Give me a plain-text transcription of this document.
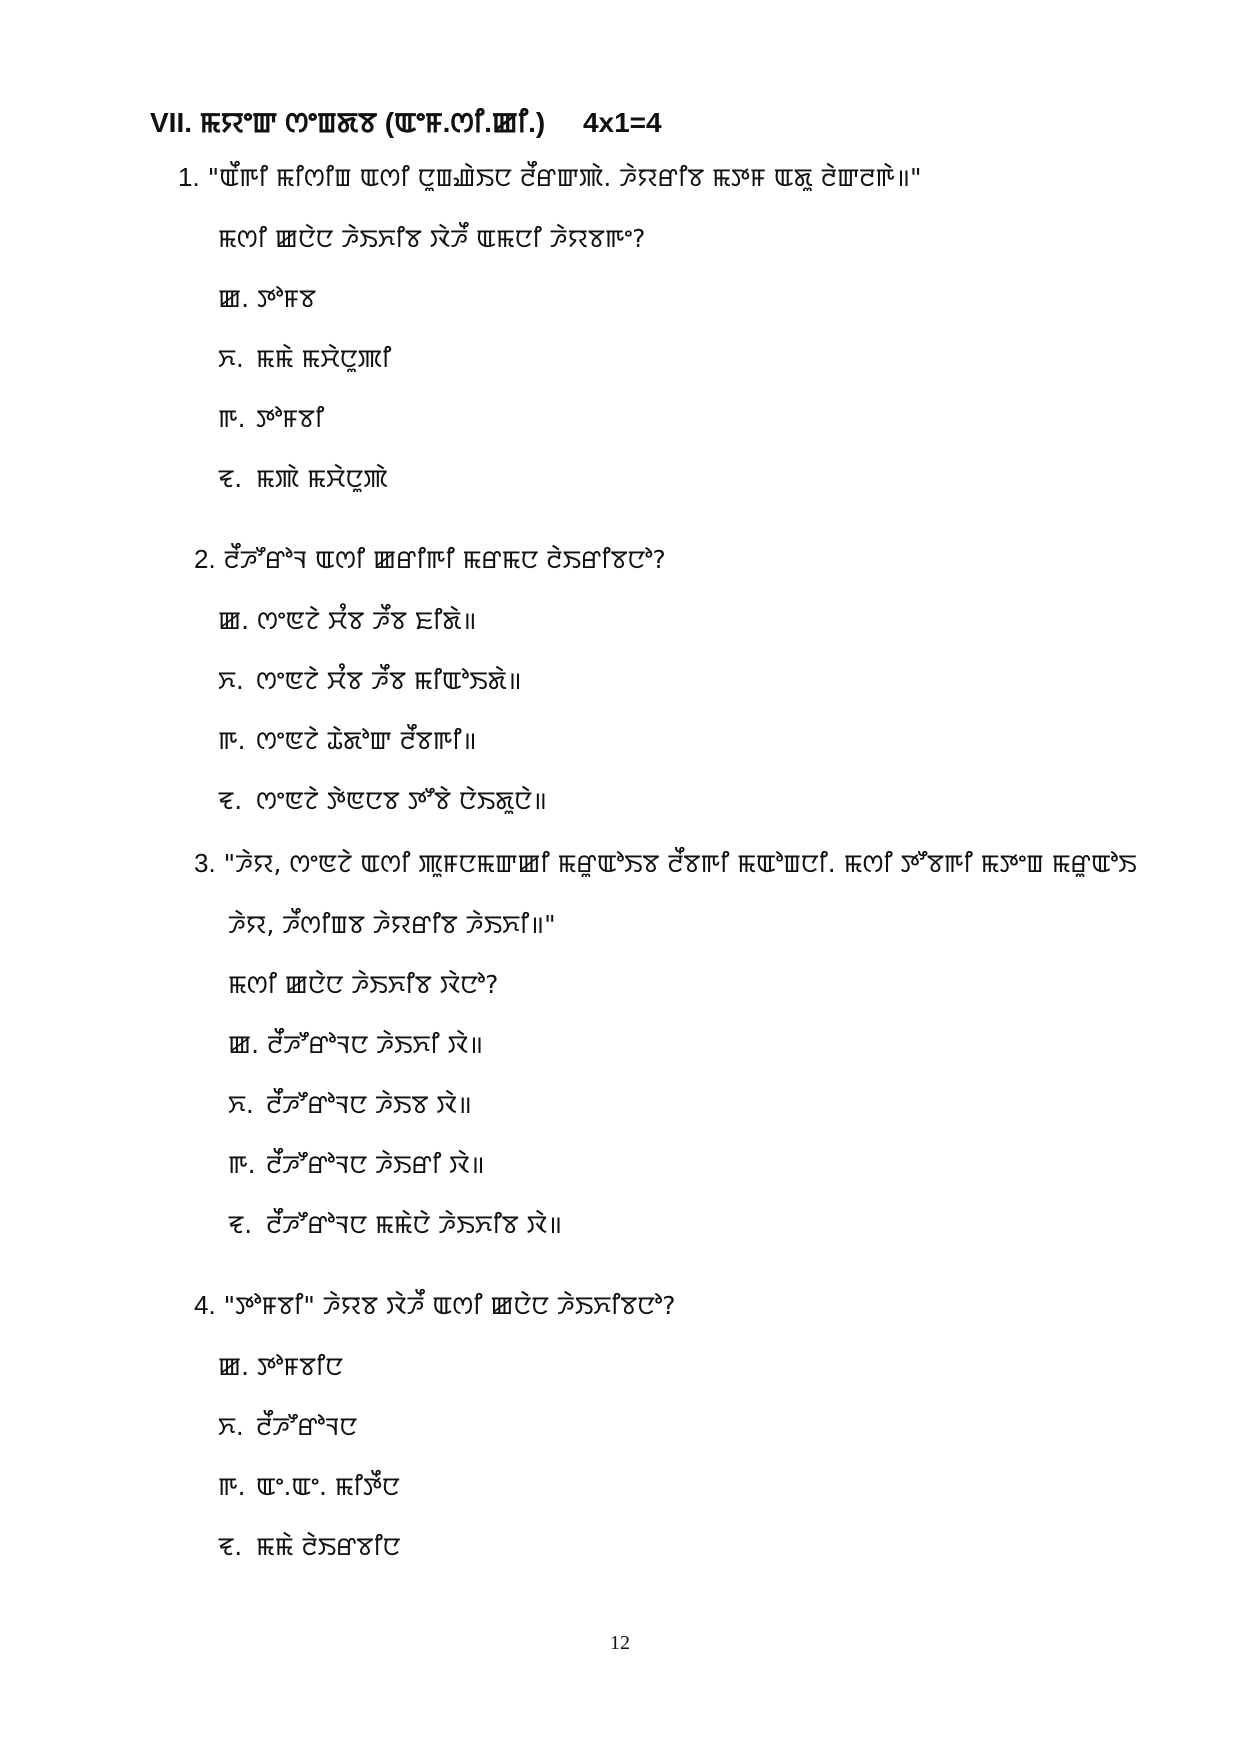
VII. ꯃꯌꯦꯛ ꯁꯦꯡꯗꯕ (ꯑꯦꯝ.ꯁꯤ.ꯀꯤ.) 4x1=4
1. "ꯑꯩꯒꯤ ꯃꯤꯁꯤꯡ ꯑꯁꯤ ꯅꯨꯡꯉꯥꯏꯅ ꯂꯩꯔꯛꯄꯥ. ꯍꯥꯌꯔꯤꯕ ꯃꯇꯝ ꯑꯗꯨ ꯂꯥꯛꯂꯒꯥ॥"
ꯃꯁꯤ ꯀꯅꯥꯅ ꯍꯥꯏꯈꯤꯕ ꯋꯥꯍꯩ ꯑꯃꯅꯤ ꯍꯥꯌꯕꯒꯦ?
ꯀ. ꯇꯣꯝꯕ
ꯈ. ꯃꯃꯥ ꯃꯆꯥꯅꯨꯄꯤ
ꯒ. ꯇꯣꯝꯕꯤ
ꯓ. ꯃꯄꯥ ꯃꯆꯥꯅꯨꯄꯥ
2. ꯂꯩꯍꯧꯔꯣꯜ ꯑꯁꯤ ꯀꯔꯤꯒꯤ ꯃꯔꯃꯅ ꯂꯥꯏꯔꯤꯕꯅꯣ?
ꯀ. ꯁꯦꯟꯖꯥ ꯆꯪꯕ ꯍꯩꯕ ꯐꯤꯗꯥ॥
ꯈ. ꯁꯦꯟꯖꯥ ꯆꯪꯕ ꯍꯩꯕ ꯃꯤꯑꯣꯏꯗꯥ॥
ꯒ. ꯁꯦꯟꯖꯥ ꯊꯥꯗꯣꯛ ꯂꯩꯕꯒꯤ॥
ꯓ. ꯁꯦꯟꯖꯥ ꯇꯥꯟꯅꯕ ꯇꯧꯕꯥ ꯅꯥꯏꯗꯨꯅꯥ॥
3. "ꯍꯥꯌ, ꯁꯦꯟꯖꯥ ꯑꯁꯤ ꯄꯨꯝꯅꯃꯛꯀꯤ ꯃꯔꯨꯑꯣꯏꯕ ꯂꯩꯕꯒꯤ ꯃꯑꯣꯡꯅꯤ. ꯃꯁꯤ ꯇꯧꯕꯒꯤ ꯃꯇꯦꯡ ꯃꯔꯨꯑꯣꯏ
ꯍꯥꯌ, ꯍꯩꯁꯤꯡꯕ ꯍꯥꯌꯔꯤꯕ ꯍꯥꯏꯈꯤ॥"
ꯃꯁꯤ ꯀꯅꯥꯅ ꯍꯥꯏꯈꯤꯕ ꯋꯥꯅꯣ?
ꯀ. ꯂꯩꯍꯧꯔꯣꯜꯅ ꯍꯥꯏꯈꯤ ꯋꯥ॥
ꯈ. ꯂꯩꯍꯧꯔꯣꯜꯅ ꯍꯥꯏꯕ ꯋꯥ॥
ꯒ. ꯂꯩꯍꯧꯔꯣꯜꯅ ꯍꯥꯏꯔꯤ ꯋꯥ॥
ꯓ. ꯂꯩꯍꯧꯔꯣꯜꯅ ꯃꯃꯥꯅꯥ ꯍꯥꯏꯈꯤꯕ ꯋꯥ॥
4. "ꯇꯣꯝꯕꯤ" ꯍꯥꯌꯕ ꯋꯥꯍꯩ ꯑꯁꯤ ꯀꯅꯥꯅ ꯍꯥꯏꯈꯤꯕꯅꯣ?
ꯀ. ꯇꯣꯝꯕꯤꯅ
ꯈ. ꯂꯩꯍꯧꯔꯣꯜꯅ
ꯒ. ꯑꯦ.ꯑꯦ. ꯃꯤꯇꯩꯅ
ꯓ. ꯃꯃꯥ ꯂꯥꯏꯔꯕꯤꯅ
12
